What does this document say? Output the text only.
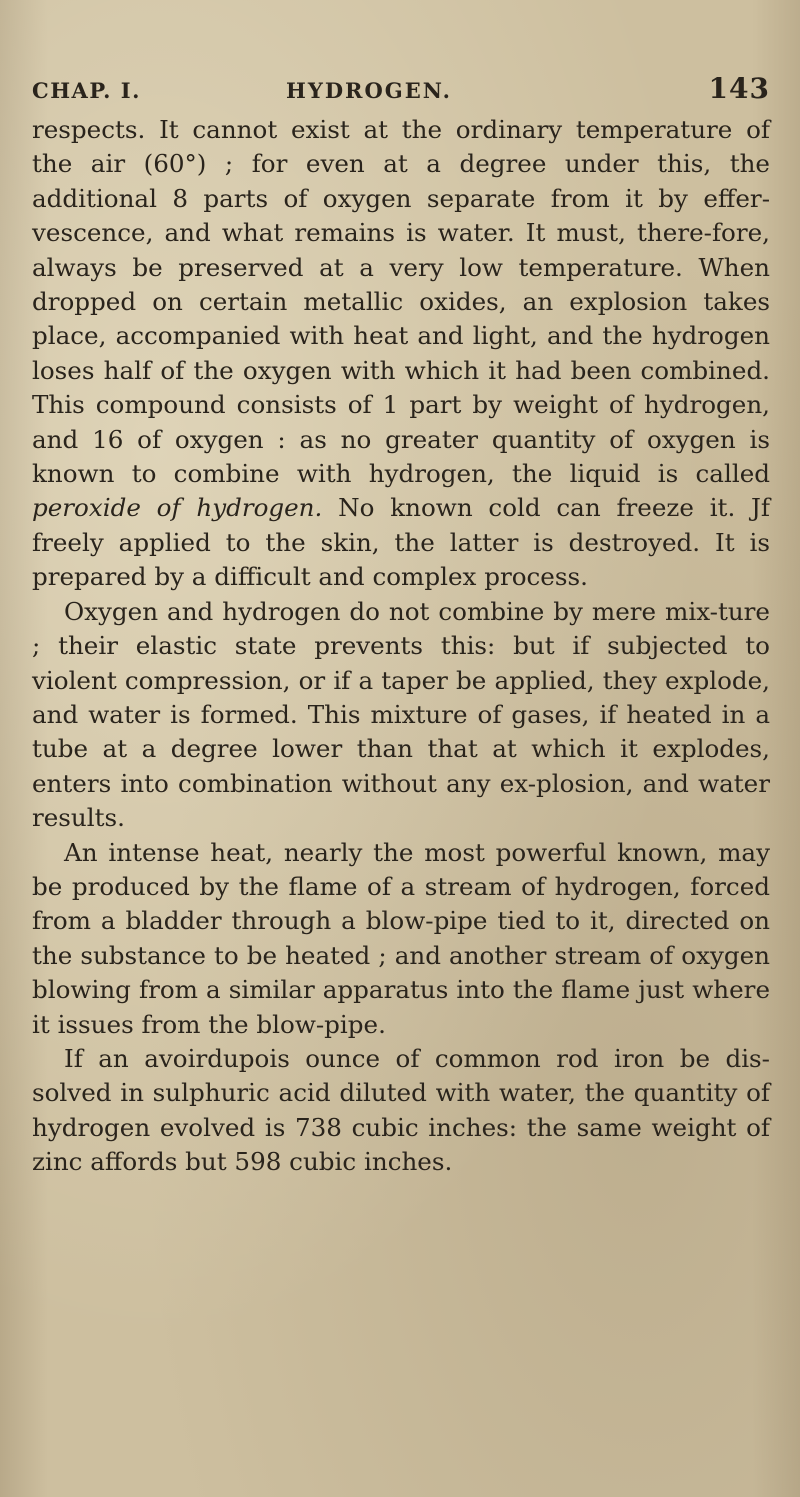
CHAP. I.	HYDROGEN.	143

respects. It cannot exist at the ordinary temperature of the air (60°) ; for even at a degree under this, the additional 8 parts of oxygen separate from it by effer-vescence, and what remains is water. It must, there-fore, always be preserved at a very low temperature. When dropped on certain metallic oxides, an explosion takes place, accompanied with heat and light, and the hydrogen loses half of the oxygen with which it had been combined. This compound consists of 1 part by weight of hydrogen, and 16 of oxygen : as no greater quantity of oxygen is known to combine with hydrogen, the liquid is called peroxide of hydrogen. No known cold can freeze it. Jf freely applied to the skin, the latter is destroyed. It is prepared by a difficult and complex process.

Oxygen and hydrogen do not combine by mere mix-ture ; their elastic state prevents this: but if subjected to violent compression, or if a taper be applied, they explode, and water is formed. This mixture of gases, if heated in a tube at a degree lower than that at which it explodes, enters into combination without any ex-plosion, and water results.

An intense heat, nearly the most powerful known, may be produced by the flame of a stream of hydrogen, forced from a bladder through a blow-pipe tied to it, directed on the substance to be heated ; and another stream of oxygen blowing from a similar apparatus into the flame just where it issues from the blow-pipe.

If an avoirdupois ounce of common rod iron be dis-solved in sulphuric acid diluted with water, the quantity of hydrogen evolved is 738 cubic inches: the same weight of zinc affords but 598 cubic inches.
